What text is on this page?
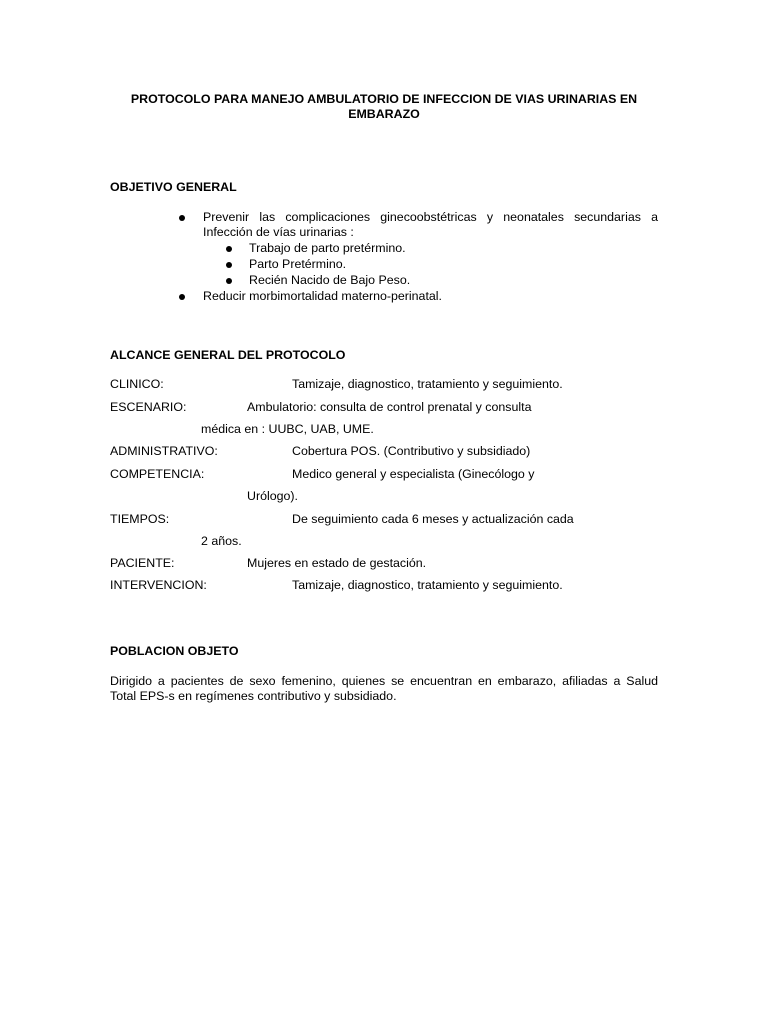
PROTOCOLO PARA MANEJO AMBULATORIO DE INFECCION DE VIAS URINARIAS EN
EMBARAZO
OBJETIVO GENERAL
Prevenir las complicaciones ginecoobstétricas y neonatales secundarias a
Infección de vías urinarias :
Trabajo de parto pretérmino.
Parto Pretérmino.
Recién Nacido de Bajo Peso.
Reducir morbimortalidad materno-perinatal.
ALCANCE GENERAL DEL PROTOCOLO
CLINICO:	Tamizaje, diagnostico, tratamiento y seguimiento.
ESCENARIO:	Ambulatorio: consulta de control prenatal y consulta
médica en : UUBC, UAB, UME.
ADMINISTRATIVO:	Cobertura POS. (Contributivo y subsidiado)
COMPETENCIA:	Medico general y especialista (Ginecólogo y
Urólogo).
TIEMPOS:	De seguimiento cada 6 meses y actualización cada
2 años.
PACIENTE:	Mujeres en estado de gestación.
INTERVENCION:	Tamizaje, diagnostico, tratamiento y seguimiento.
POBLACION OBJETO
Dirigido a pacientes de sexo femenino, quienes se encuentran en embarazo, afiliadas a Salud
Total EPS-s en regímenes contributivo y subsidiado.
